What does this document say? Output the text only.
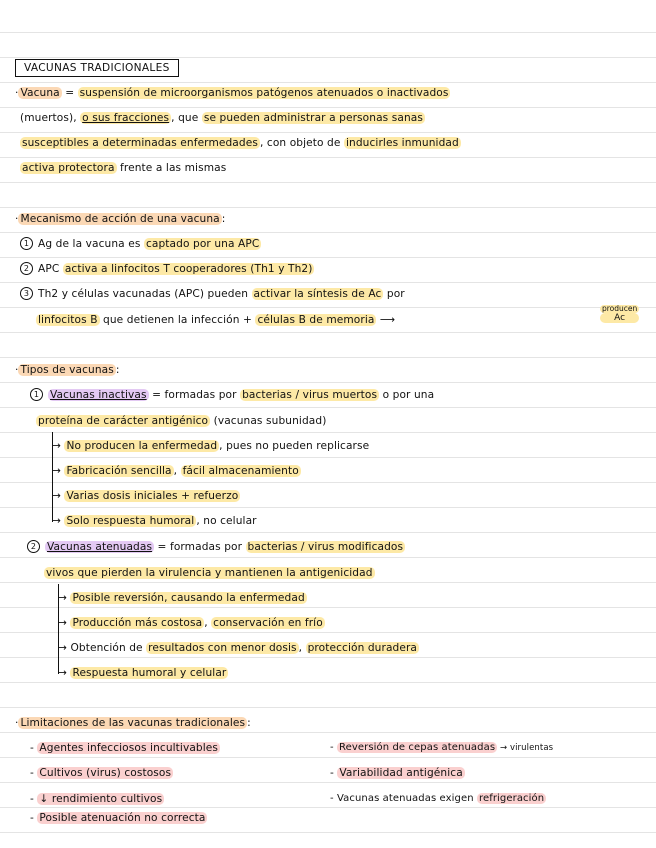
VACUNAS TRADICIONALES
· Vacuna = suspensión de microorganismos patógenos atenuados o inactivados
(muertos), o sus fracciones , que se pueden administrar a personas sanas
susceptibles a determinadas enfermedades , con objeto de inducirles inmunidad
activa protectora frente a las mismas
· Mecanismo de acción de una vacuna :
1 Ag de la vacuna es captado por una APC
2 APC activa a linfocitos T cooperadores (Th1 y Th2)
3 Th2 y células vacunadas (APC) pueden activar la síntesis de Ac por
linfocitos B que detienen la infección + células B de memoria ⟶
producen
Ac
· Tipos de vacunas :
1 Vacunas inactivas = formadas por bacterias / virus muertos o por una
proteína de carácter antigénico (vacunas subunidad)
→ No producen la enfermedad , pues no pueden replicarse
→ Fabricación sencilla , fácil almacenamiento
→ Varias dosis iniciales + refuerzo
→ Solo respuesta humoral , no celular
2 Vacunas atenuadas = formadas por bacterias / virus modificados
vivos que pierden la virulencia y mantienen la antigenicidad
→ Posible reversión, causando la enfermedad
→ Producción más costosa , conservación en frío
→ Obtención de resultados con menor dosis , protección duradera
→ Respuesta humoral y celular
· Limitaciones de las vacunas tradicionales :
- Agentes infecciosos incultivables
- Cultivos (virus) costosos
- ↓ rendimiento cultivos
- Posible atenuación no correcta
- Reversión de cepas atenuadas → virulentas
- Variabilidad antigénica
- Vacunas atenuadas exigen refrigeración
